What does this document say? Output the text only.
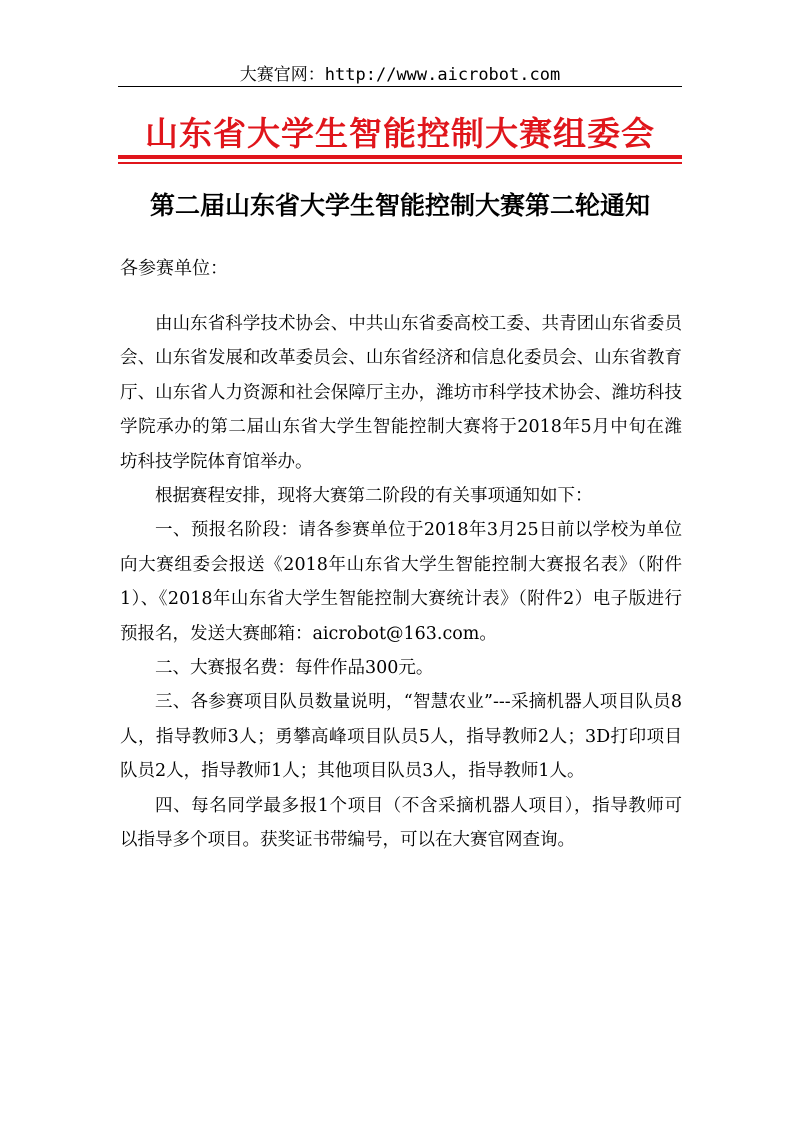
大赛官网：http://www.aicrobot.com
山东省大学生智能控制大赛组委会
第二届山东省大学生智能控制大赛第二轮通知
各参赛单位：

由山东省科学技术协会、中共山东省委高校工委、共青团山东省委员会、山东省发展和改革委员会、山东省经济和信息化委员会、山东省教育厅、山东省人力资源和社会保障厅主办，潍坊市科学技术协会、潍坊科技学院承办的第二届山东省大学生智能控制大赛将于2018年5月中旬在潍坊科技学院体育馆举办。

根据赛程安排，现将大赛第二阶段的有关事项通知如下：

一、预报名阶段：请各参赛单位于2018年3月25日前以学校为单位向大赛组委会报送《2018年山东省大学生智能控制大赛报名表》（附件1）、《2018年山东省大学生智能控制大赛统计表》（附件2）电子版进行预报名，发送大赛邮箱：aicrobot@163.com。

二、大赛报名费：每件作品300元。

三、各参赛项目队员数量说明，“智慧农业”---采摘机器人项目队员8人，指导教师3人；勇攀高峰项目队员5人，指导教师2人；3D打印项目队员2人，指导教师1人；其他项目队员3人，指导教师1人。

四、每名同学最多报1个项目（不含采摘机器人项目），指导教师可以指导多个项目。获奖证书带编号，可以在大赛官网查询。
